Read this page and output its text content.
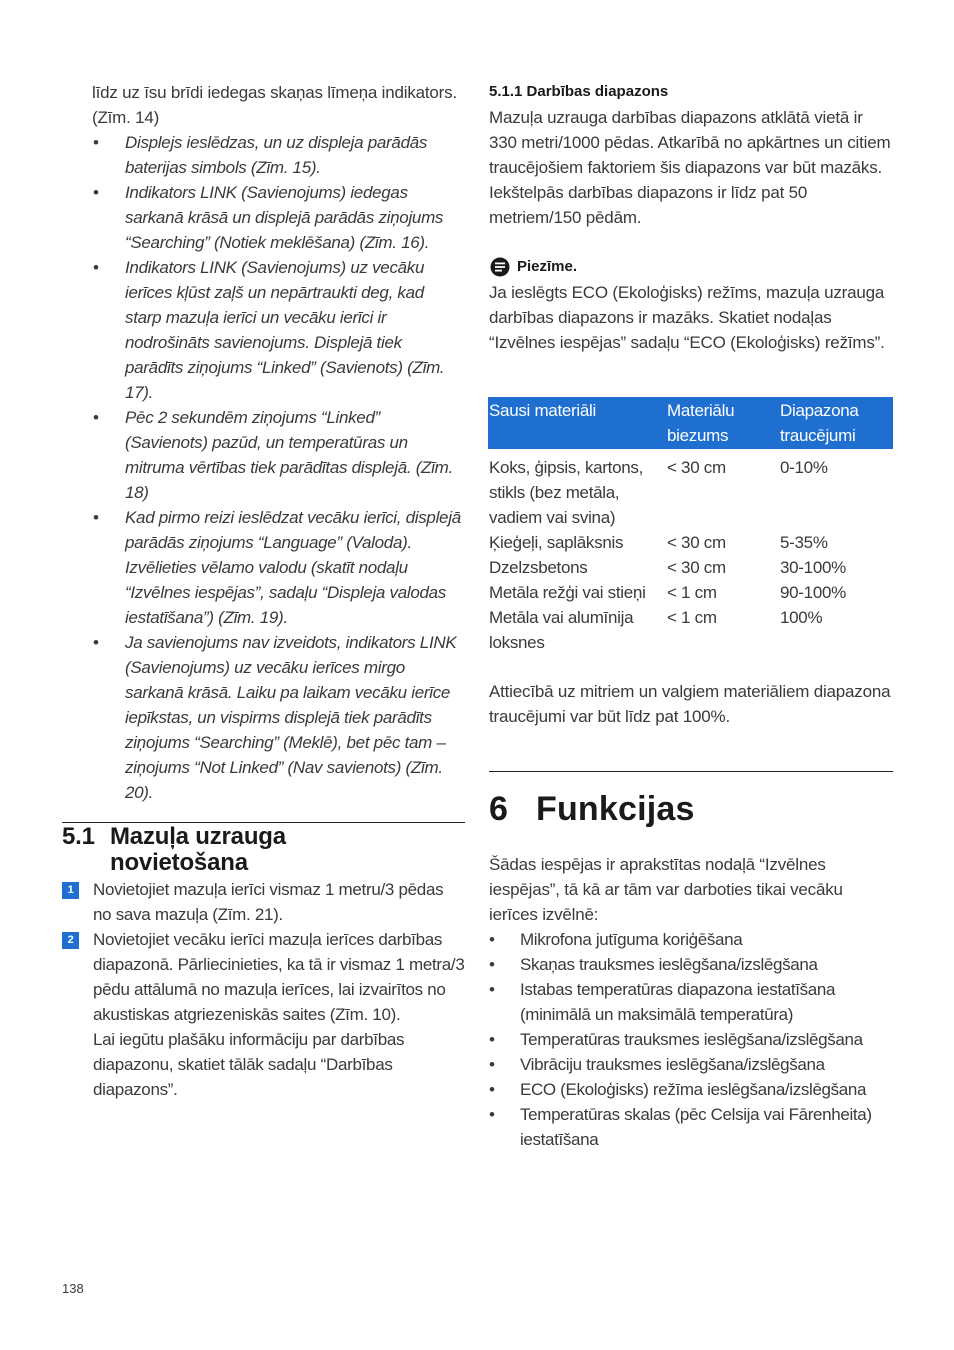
līdz uz īsu brīdi iedegas skaņas līmeņa indikators. (Zīm. 14)
• Displejs ieslēdzas, un uz displeja parādās baterijas simbols (Zīm. 15).
• Indikators LINK (Savienojums) iedegas sarkanā krāsā un displejā parādās ziņojums “Searching” (Notiek meklēšana) (Zīm. 16).
• Indikators LINK (Savienojums) uz vecāku ierīces kļūst zaļš un nepārtraukti deg, kad starp mazuļa ierīci un vecāku ierīci ir nodrošināts savienojums. Displejā tiek parādīts ziņojums “Linked” (Savienots) (Zīm. 17).
• Pēc 2 sekundēm ziņojums “Linked” (Savienots) pazūd, un temperatūras un mitruma vērtības tiek parādītas displejā. (Zīm. 18)
• Kad pirmo reizi ieslēdzat vecāku ierīci, displejā parādās ziņojums “Language” (Valoda). Izvēlieties vēlamo valodu (skatīt nodaļu “Izvēlnes iespējas”, sadaļu “Displeja valodas iestatīšana”) (Zīm. 19).
• Ja savienojums nav izveidots, indikators LINK (Savienojums) uz vecāku ierīces mirgo sarkanā krāsā. Laiku pa laikam vecāku ierīce iepīkstas, un vispirms displejā tiek parādīts ziņojums “Searching” (Meklē), bet pēc tam – ziņojums “Not Linked” (Nav savienots) (Zīm. 20).
5.1 Mazuļa uzrauga
novietošana
1	Novietojiet mazuļa ierīci vismaz 1 metru/3 pēdas no sava mazuļa (Zīm. 21).
2	Novietojiet vecāku ierīci mazuļa ierīces darbības diapazonā. Pārliecinieties, ka tā ir vismaz 1 metra/3 pēdu attālumā no mazuļa ierīces, lai izvairītos no akustiskas atgriezeniskās saites (Zīm. 10).
Lai iegūtu plašāku informāciju par darbības diapazonu, skatiet tālāk sadaļu “Darbības diapazons”.
138
5.1.1 Darbības diapazons
Mazuļa uzrauga darbības diapazons atklātā vietā ir 330 metri/1000 pēdas. Atkarībā no apkārtnes un citiem traucējošiem faktoriem šis diapazons var būt mazāks. Iekštelpās darbības diapazons ir līdz pat 50 metriem/150 pēdām.
Piezīme.
Ja ieslēgts ECO (Ekoloģisks) režīms, mazuļa uzrauga darbības diapazons ir mazāks. Skatiet nodaļas “Izvēlnes iespējas” sadaļu “ECO (Ekoloģisks) režīms”.
Sausi materiāli	Materiālu biezums	Diapazona traucējumi
Koks, ģipsis, kartons, stikls (bez metāla, vadiem vai svina)	< 30 cm	0-10%
Ķieģeļi, saplāksnis	< 30 cm	5-35%
Dzelzsbetons	< 30 cm	30-100%
Metāla režģi vai stieņi	< 1 cm	90-100%
Metāla vai alumīnija loksnes	< 1 cm	100%
Attiecībā uz mitriem un valgiem materiāliem diapazona traucējumi var būt līdz pat 100%.
6 Funkcijas
Šādas iespējas ir aprakstītas nodaļā “Izvēlnes iespējas”, tā kā ar tām var darboties tikai vecāku ierīces izvēlnē:
• Mikrofona jutīguma koriģēšana
• Skaņas trauksmes ieslēgšana/izslēgšana
• Istabas temperatūras diapazona iestatīšana (minimālā un maksimālā temperatūra)
• Temperatūras trauksmes ieslēgšana/izslēgšana
• Vibrāciju trauksmes ieslēgšana/izslēgšana
• ECO (Ekoloģisks) režīma ieslēgšana/izslēgšana
• Temperatūras skalas (pēc Celsija vai Fārenheita) iestatīšana
